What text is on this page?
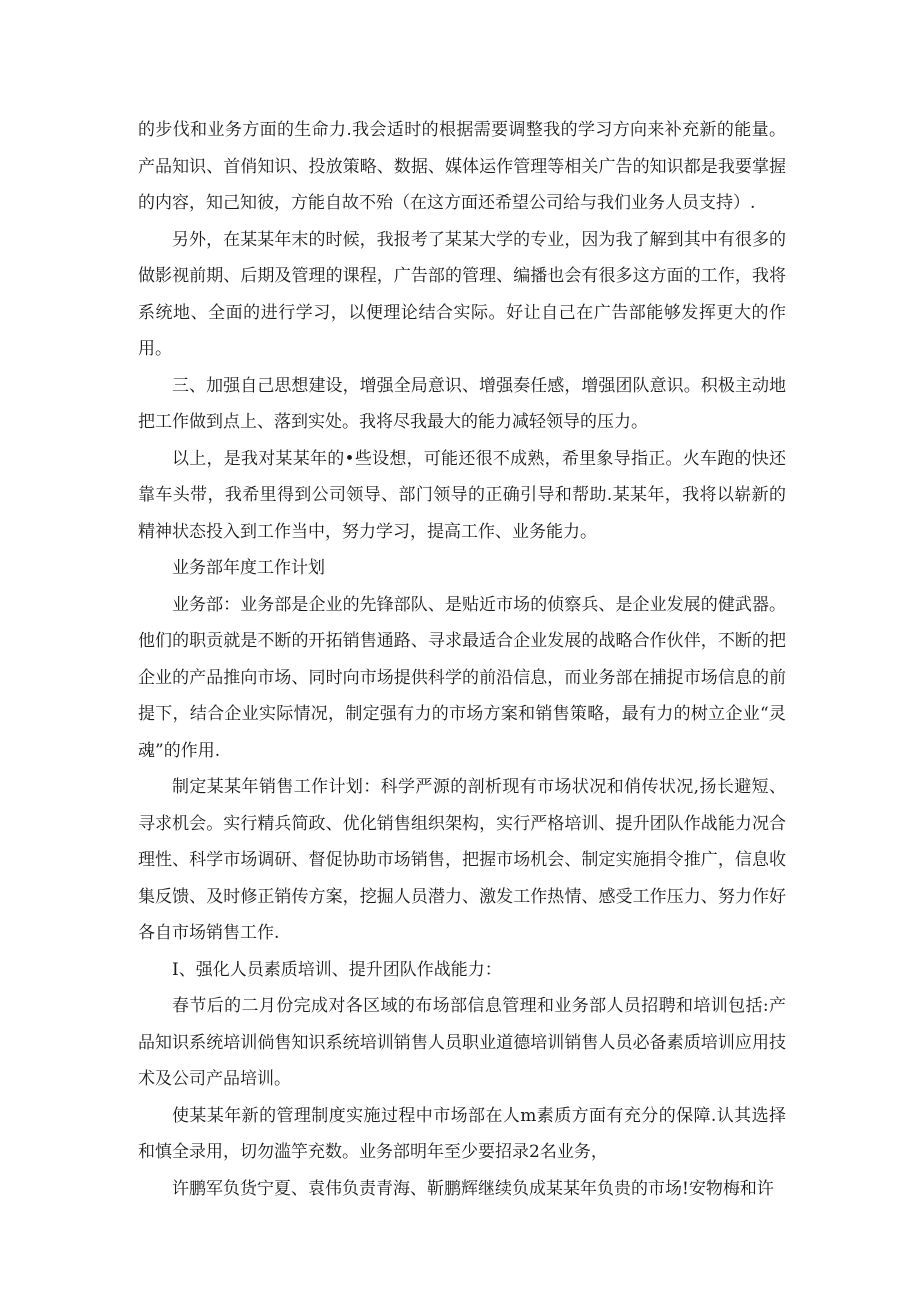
的步伐和业务方面的生命力.我会适时的根据需要调整我的学习方向来补充新的能量。产品知识、首俏知识、投放策略、数据、媒体运作管理等相关广告的知识都是我要掌握的内容，知己知彼，方能自故不殆（在这方面还希望公司给与我们业务人员支持）.

另外，在某某年末的时候，我报考了某某大学的专业，因为我了解到其中有很多的做影视前期、后期及管理的课程，广告部的管理、编播也会有很多这方面的工作，我将系统地、全面的进行学习，以便理论结合实际。好让自己在广告部能够发挥更大的作用。

三、加强自己思想建设，增强全局意识、增强奏任感，增强团队意识。积极主动地把工作做到点上、落到实处。我将尽我最大的能力减轻领导的压力。

以上，是我对某某年的•些设想，可能还很不成熟，希里象导指正。火车跑的快还靠车头带，我希里得到公司领导、部门领导的正确引导和帮助.某某年，我将以崭新的精神状态投入到工作当中，努力学习，提高工作、业务能力。

业务部年度工作计划

业务部：业务部是企业的先锋部队、是贴近市场的侦察兵、是企业发展的健武器。他们的职贡就是不断的开拓销售通路、寻求最适合企业发展的战略合作伙伴，不断的把企业的产品推向市场、同时向市场提供科学的前沿信息，而业务部在捕捉市场信息的前提下，结合企业实际情况，制定强有力的市场方案和销售策略，最有力的树立企业“灵魂”的作用.

制定某某年销售工作计划：科学严源的剖析现有市场状况和俏传状况,扬长避短、寻求机会。实行精兵简政、优化销售组织架构，实行严格培训、提升团队作战能力况合理性、科学市场调研、督促协助市场销售，把握市场机会、制定实施捐令推广，信息收集反馈、及时修正销传方案，挖掘人员潜力、激发工作热情、感受工作压力、努力作好各自市场销售工作.

I、强化人员素质培训、提升团队作战能力：

春节后的二月份完成对各区域的布场部信息管理和业务部人员招聘和培训包括:产品知识系统培训倘售知识系统培训销售人员职业道德培训销售人员必备素质培训应用技术及公司产品培训。

使某某年新的管理制度实施过程中市场部在人m素质方面有充分的保障.认其选择和慎全录用，切勿滥竽充数。业务部明年至少要招录2名业务，

许鹏军负货宁夏、袁伟负责青海、靳鹏辉继续负成某某年负贵的市场!安物梅和许
